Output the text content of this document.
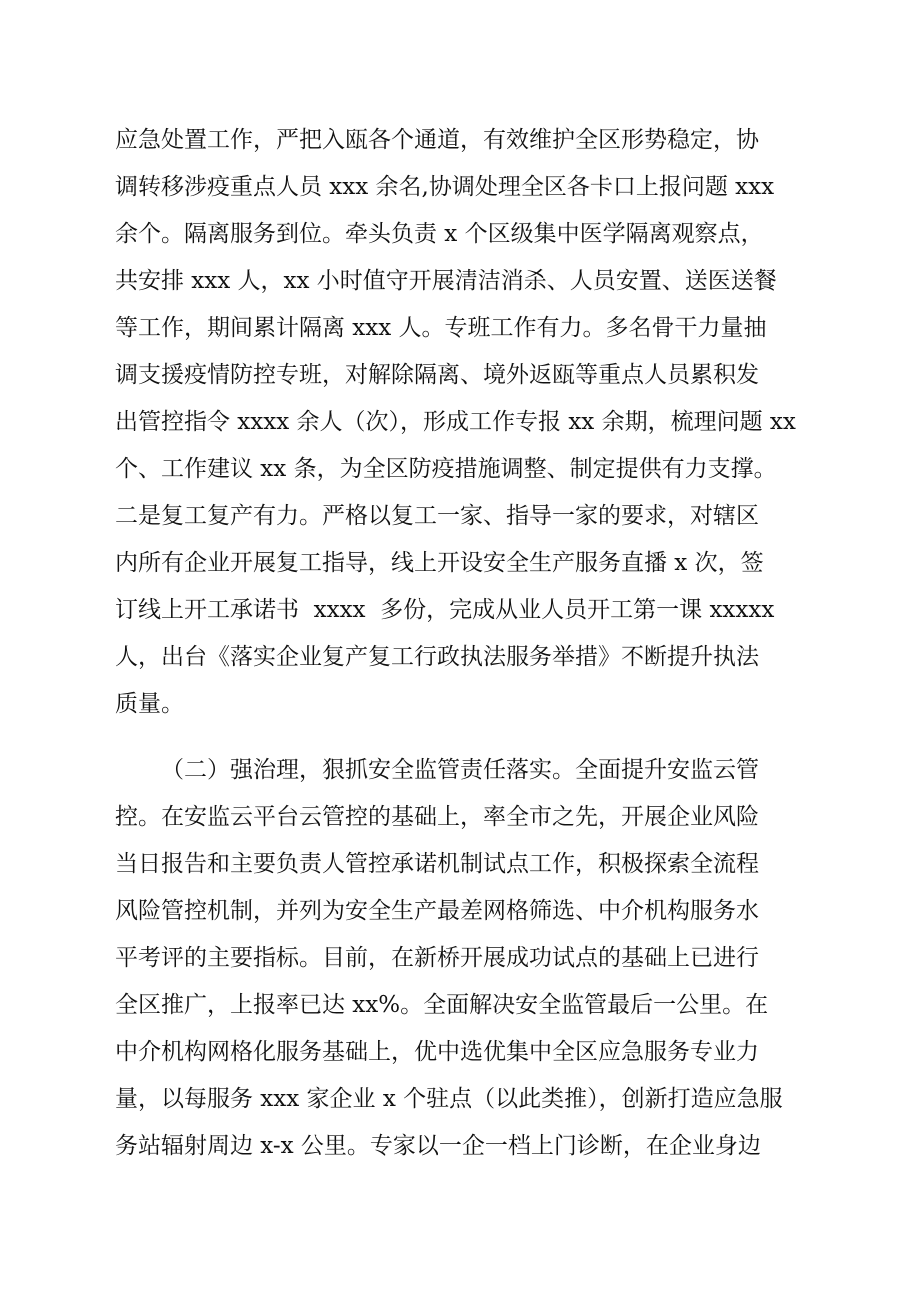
应急处置工作，严把入瓯各个通道，有效维护全区形势稳定，协
调转移涉疫重点人员 xxx 余名,协调处理全区各卡口上报问题 xxx
余个。隔离服务到位。牵头负责 x 个区级集中医学隔离观察点，
共安排 xxx 人，xx 小时值守开展清洁消杀、人员安置、送医送餐
等工作，期间累计隔离 xxx 人。专班工作有力。多名骨干力量抽
调支援疫情防控专班，对解除隔离、境外返瓯等重点人员累积发
出管控指令 xxxx 余人（次），形成工作专报 xx 余期，梳理问题 xx
个、工作建议 xx 条，为全区防疫措施调整、制定提供有力支撑。
二是复工复产有力。严格以复工一家、指导一家的要求，对辖区
内所有企业开展复工指导，线上开设安全生产服务直播 x 次，签
订线上开工承诺书  xxxx  多份，完成从业人员开工第一课 xxxxx
人，出台《落实企业复产复工行政执法服务举措》不断提升执法
质量。
（二）强治理，狠抓安全监管责任落实。全面提升安监云管
控。在安监云平台云管控的基础上，率全市之先，开展企业风险
当日报告和主要负责人管控承诺机制试点工作，积极探索全流程
风险管控机制，并列为安全生产最差网格筛选、中介机构服务水
平考评的主要指标。目前，在新桥开展成功试点的基础上已进行
全区推广，上报率已达 xx%。全面解决安全监管最后一公里。在
中介机构网格化服务基础上，优中选优集中全区应急服务专业力
量，以每服务 xxx 家企业 x 个驻点（以此类推），创新打造应急服
务站辐射周边 x-x 公里。专家以一企一档上门诊断，在企业身边
